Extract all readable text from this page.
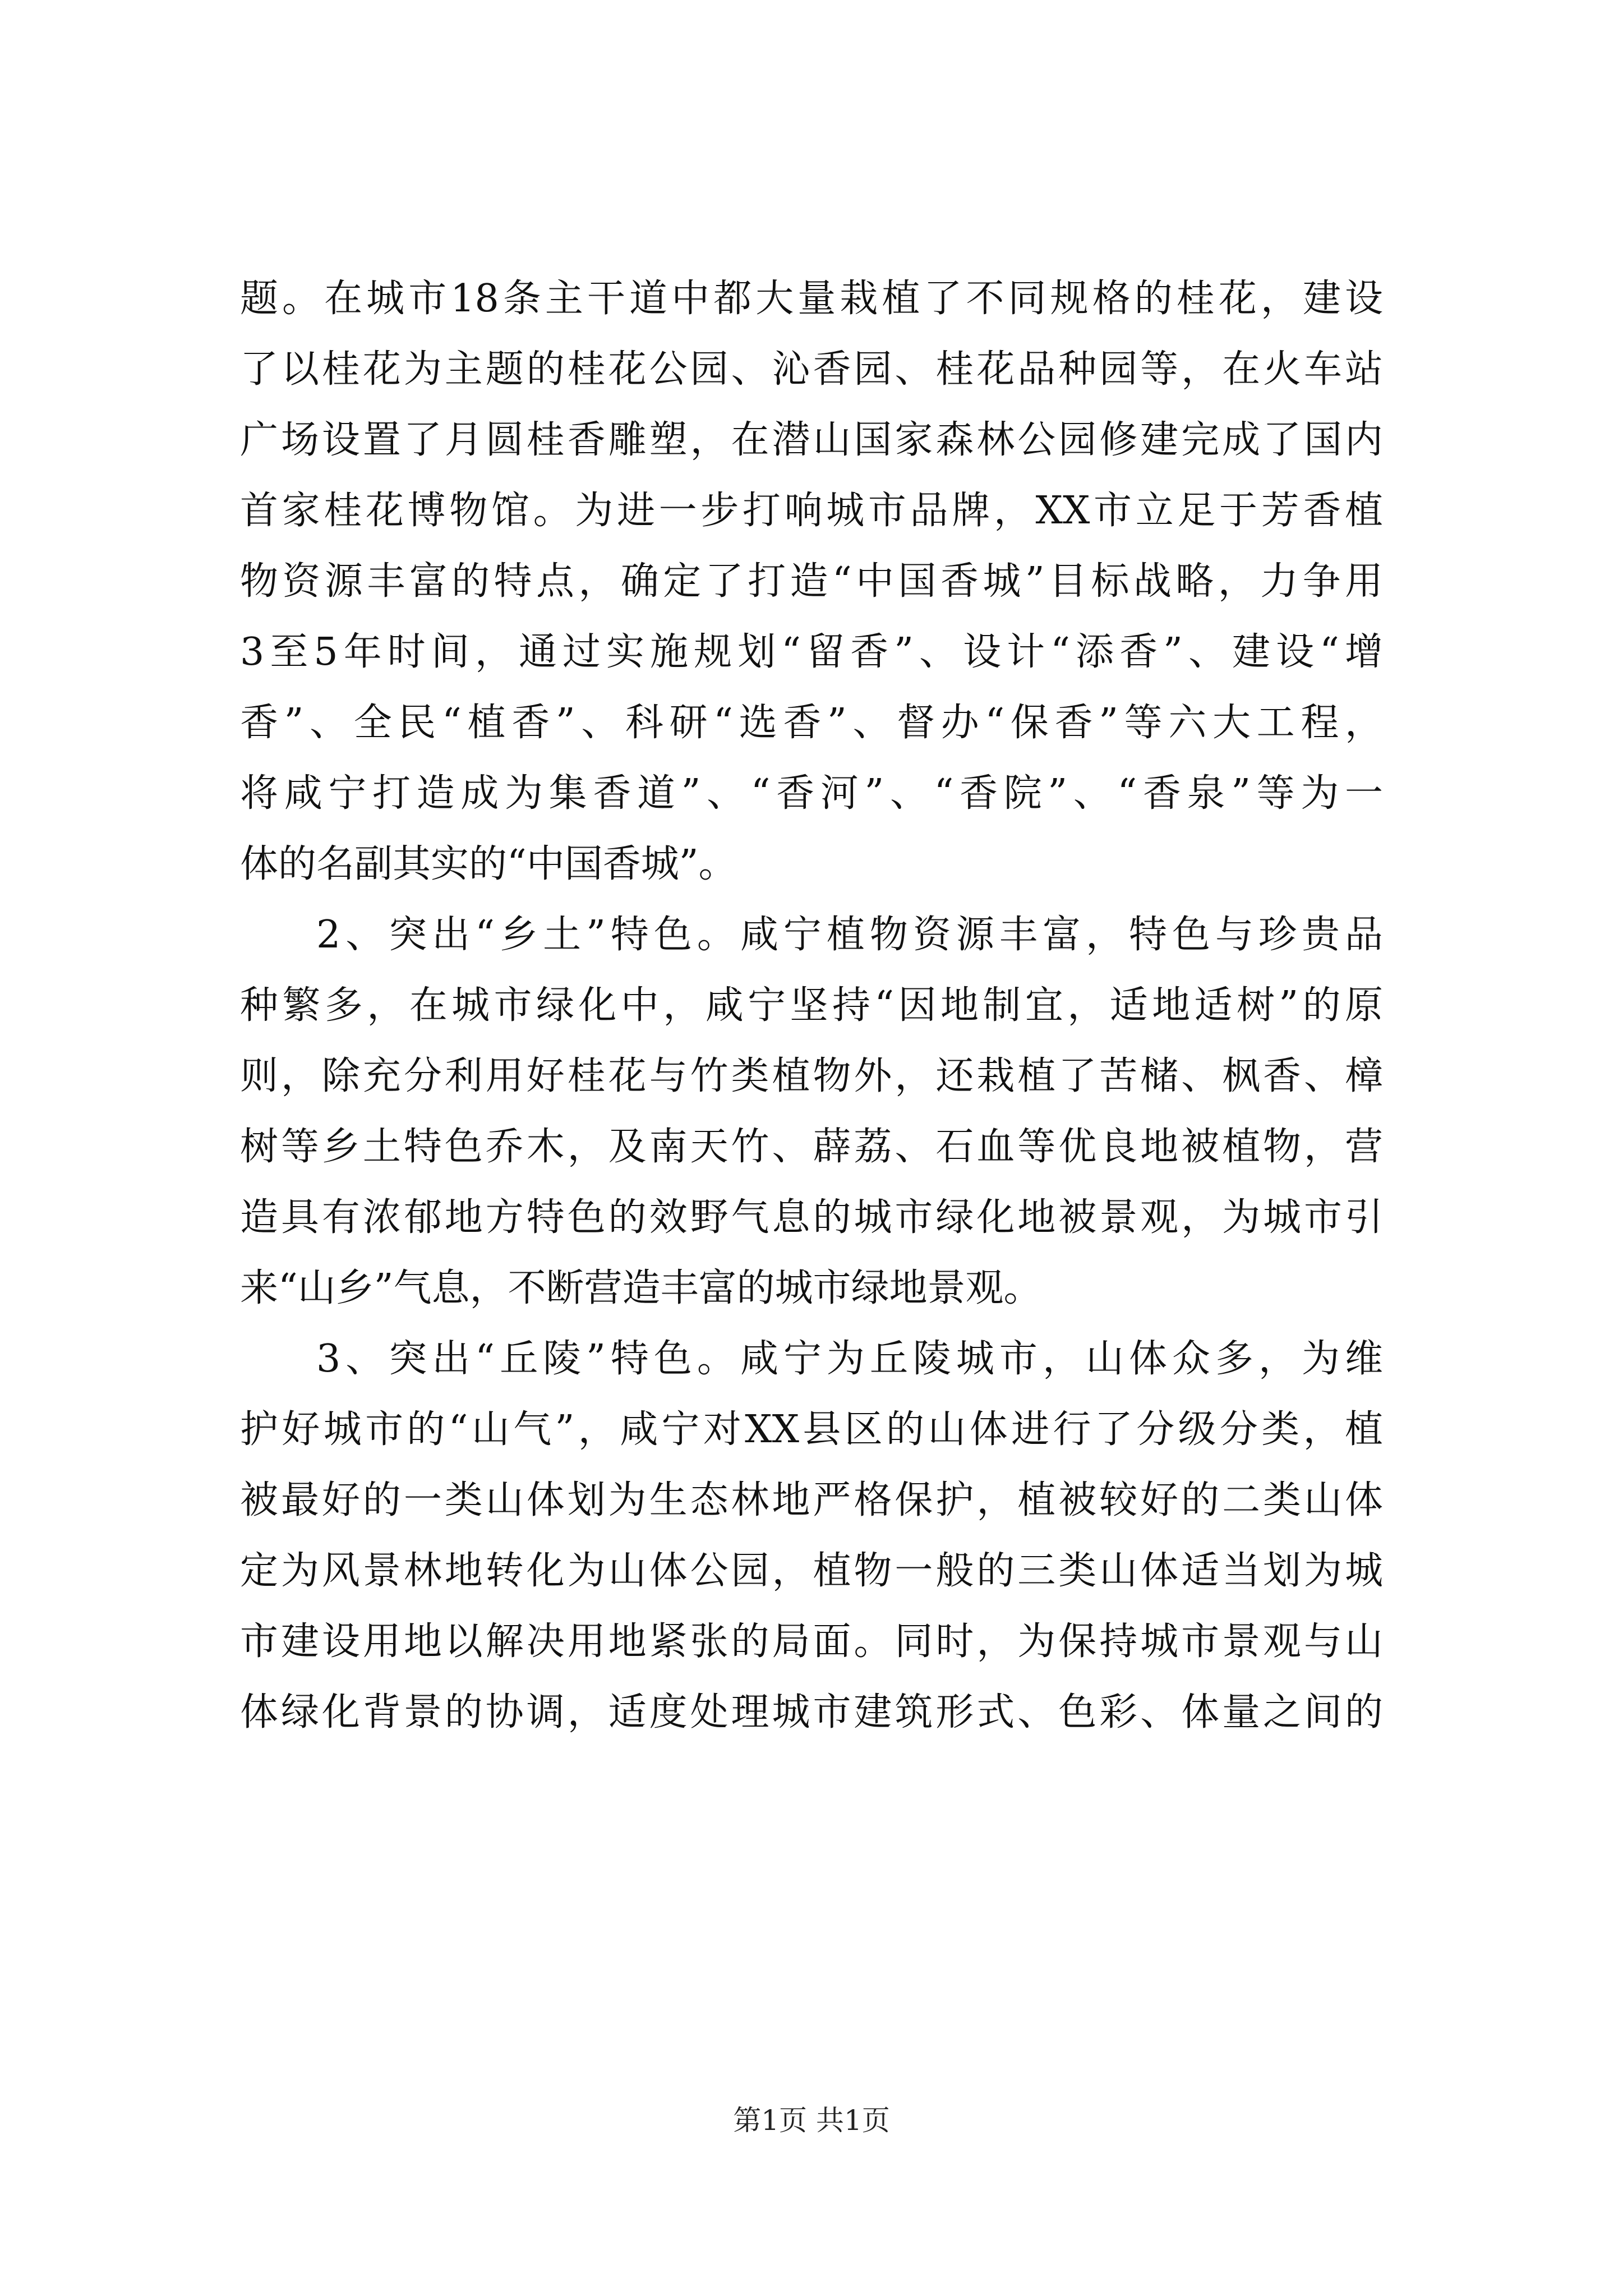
题。在城市18条主干道中都大量栽植了不同规格的桂花，建设
了以桂花为主题的桂花公园、沁香园、桂花品种园等，在火车站
广场设置了月圆桂香雕塑，在潜山国家森林公园修建完成了国内
首家桂花博物馆。为进一步打响城市品牌，XX市立足于芳香植
物资源丰富的特点，确定了打造“中国香城”目标战略，力争用
3至5年时间，通过实施规划“留香”、设计“添香”、建设“增
香”、全民“植香”、科研“选香”、督办“保香”等六大工程，
将咸宁打造成为集香道”、“香河”、“香院”、“香泉”等为一
体的名副其实的“中国香城”。
2、突出“乡土”特色。咸宁植物资源丰富，特色与珍贵品
种繁多，在城市绿化中，咸宁坚持“因地制宜，适地适树”的原
则，除充分利用好桂花与竹类植物外，还栽植了苦槠、枫香、樟
树等乡土特色乔木，及南天竹、薜荔、石血等优良地被植物，营
造具有浓郁地方特色的效野气息的城市绿化地被景观，为城市引
来“山乡”气息，不断营造丰富的城市绿地景观。
3、突出“丘陵”特色。咸宁为丘陵城市，山体众多，为维
护好城市的“山气”，咸宁对XX县区的山体进行了分级分类，植
被最好的一类山体划为生态林地严格保护，植被较好的二类山体
定为风景林地转化为山体公园，植物一般的三类山体适当划为城
市建设用地以解决用地紧张的局面。同时，为保持城市景观与山
体绿化背景的协调，适度处理城市建筑形式、色彩、体量之间的
第1页 共1页
